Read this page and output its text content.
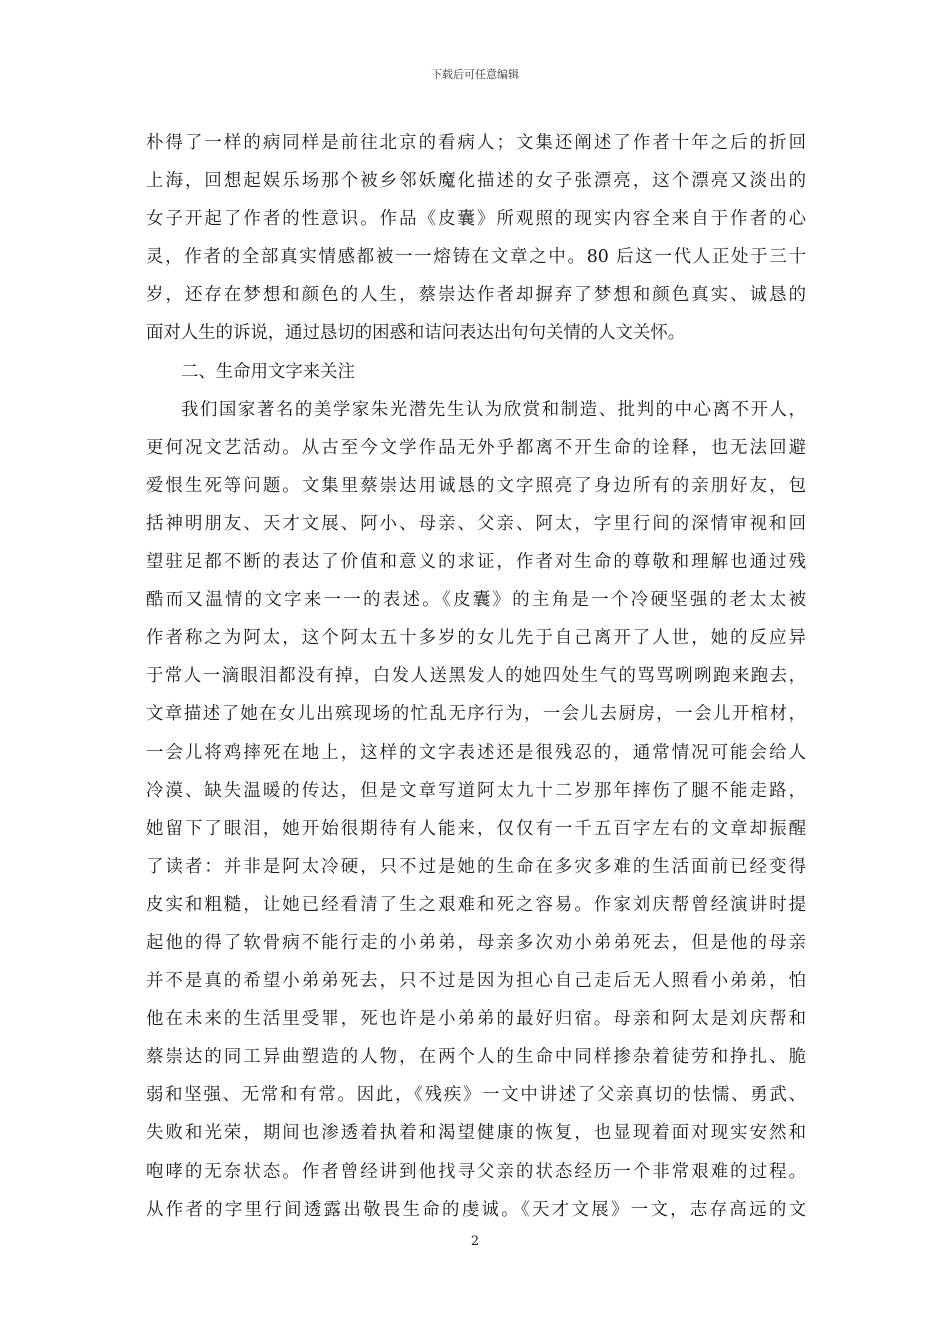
下载后可任意编辑
朴得了一样的病同样是前往北京的看病人；文集还阐述了作者十年之后的折回
上海，回想起娱乐场那个被乡邻妖魔化描述的女子张漂亮，这个漂亮又淡出的
女子开起了作者的性意识。作品《皮囊》所观照的现实内容全来自于作者的心
灵，作者的全部真实情感都被一一熔铸在文章之中。80 后这一代人正处于三十
岁，还存在梦想和颜色的人生，蔡崇达作者却摒弃了梦想和颜色真实、诚恳的
面对人生的诉说，通过恳切的困惑和诘问表达出句句关情的人文关怀。
二、生命用文字来关注
我们国家著名的美学家朱光潜先生认为欣赏和制造、批判的中心离不开人，
更何况文艺活动。从古至今文学作品无外乎都离不开生命的诠释，也无法回避
爱恨生死等问题。文集里蔡崇达用诚恳的文字照亮了身边所有的亲朋好友，包
括神明朋友、天才文展、阿小、母亲、父亲、阿太，字里行间的深情审视和回
望驻足都不断的表达了价值和意义的求证，作者对生命的尊敬和理解也通过残
酷而又温情的文字来一一的表述。《皮囊》的主角是一个冷硬坚强的老太太被
作者称之为阿太，这个阿太五十多岁的女儿先于自己离开了人世，她的反应异
于常人一滴眼泪都没有掉，白发人送黑发人的她四处生气的骂骂咧咧跑来跑去，
文章描述了她在女儿出殡现场的忙乱无序行为，一会儿去厨房，一会儿开棺材，
一会儿将鸡摔死在地上，这样的文字表述还是很残忍的，通常情况可能会给人
冷漠、缺失温暖的传达，但是文章写道阿太九十二岁那年摔伤了腿不能走路，
她留下了眼泪，她开始很期待有人能来，仅仅有一千五百字左右的文章却振醒
了读者：并非是阿太冷硬，只不过是她的生命在多灾多难的生活面前已经变得
皮实和粗糙，让她已经看清了生之艰难和死之容易。作家刘庆帮曾经演讲时提
起他的得了软骨病不能行走的小弟弟，母亲多次劝小弟弟死去，但是他的母亲
并不是真的希望小弟弟死去，只不过是因为担心自己走后无人照看小弟弟，怕
他在未来的生活里受罪，死也许是小弟弟的最好归宿。母亲和阿太是刘庆帮和
蔡崇达的同工异曲塑造的人物，在两个人的生命中同样掺杂着徒劳和挣扎、脆
弱和坚强、无常和有常。因此，《残疾》一文中讲述了父亲真切的怯懦、勇武、
失败和光荣，期间也渗透着执着和渴望健康的恢复，也显现着面对现实安然和
咆哮的无奈状态。作者曾经讲到他找寻父亲的状态经历一个非常艰难的过程。
从作者的字里行间透露出敬畏生命的虔诚。《天才文展》一文，志存高远的文
2
